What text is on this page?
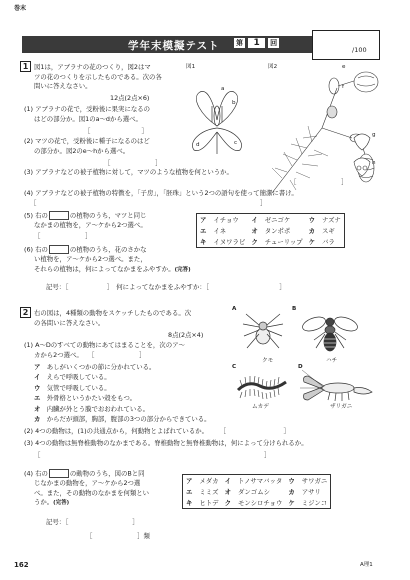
巻末
学年末模擬テスト 第 1 回
/100
1 図1は，アブラナの花のつくり，図2はマ
ツの花のつくりを示したものである。次の各
問いに答えなさい。
12点(2点×6)
図1	図2
a
b
c
d
e
f
g
h
(1) アブラナの花で，受粉後に果実になるの
はどの部分か。図1のa～dから選べ。
［　　　　　　　　］
(2) マツの花で，受粉後に種子になるのはど
の部分か。図2のe～hから選べ。
［　　　　　　　］
(3) アブラナなどの被子植物に対して，マツのような植物を何というか。
［　　　　　　　］
(4) アブラナなどの被子植物の特徴を，「子房」，「胚珠」という2つの語句を使って簡潔に書け。
［　　　　　　　　　　　　　　　　　　　　　　　　　　　　　　　　　　　］
(5) 右の	の植物のうち，マツと同じ
なかまの植物を，ア～ケから2つ選べ。
［　　　　　　　］
(6) 右の	の植物のうち，花のさかな
い植物を，ア～ケから2つ選べ。また，
それらの植物は，何によってなかまをふやすか。(完答)
記号：［　　　　　　］　何によってなかまをふやすか：［　　　　　　　　　　　］
ア	イチョウ	イ	ゼニゴケ	ウ	ナズナ
エ	イネ	オ	タンポポ	カ	スギ
キ	イヌワラビ	ク	チューリップ	ケ	バラ
2 右の図は，4種類の動物をスケッチしたものである。次
の各問いに答えなさい。
8点(2点×4)
A
クモ
B
ハチ
C
ムカデ
D
ザリガニ
(1) A～Dのすべての動物にあてはまることを，次のア～
カから2つ選べ。 　［　　　　　　　］
ア　 あしがいくつかの節に分かれている。
イ　 えらで呼吸している。
ウ　 気管で呼吸している。
エ　 外骨格というかたい殻をもつ。
オ　 内臓が外とう膜でおおわれている。
カ　 からだが頭部，胸部，腹部の3つの部分からできている。
(2) 4つの動物は，(1)の共通点から，何動物とよばれているか。 　　［　　　　　　　　　］
(3) 4つの動物は無脊椎動物のなかまである。脊椎動物と無脊椎動物は，何によって分けられるか。
［　　　　　　　　　　　　　　　　　　　　　　　　　　　　　　　　　　　］
(4) 右の	の動物のうち，図のBと同
じなかまの動物を，ア～ケから2つ選
べ。また，その動物のなかまを何類とい
うか。(完答)
記号：［　　　　　　　　　　］
［　　　　　　　］類
ア	メダカ	イ	トノサマバッタ	ウ	サワガニ
エ	ミミズ	オ	ダンゴムシ	カ	アサリ
キ	ヒトデ	ク	モンシロチョウ	ケ	ミジンコ
162	A理1
